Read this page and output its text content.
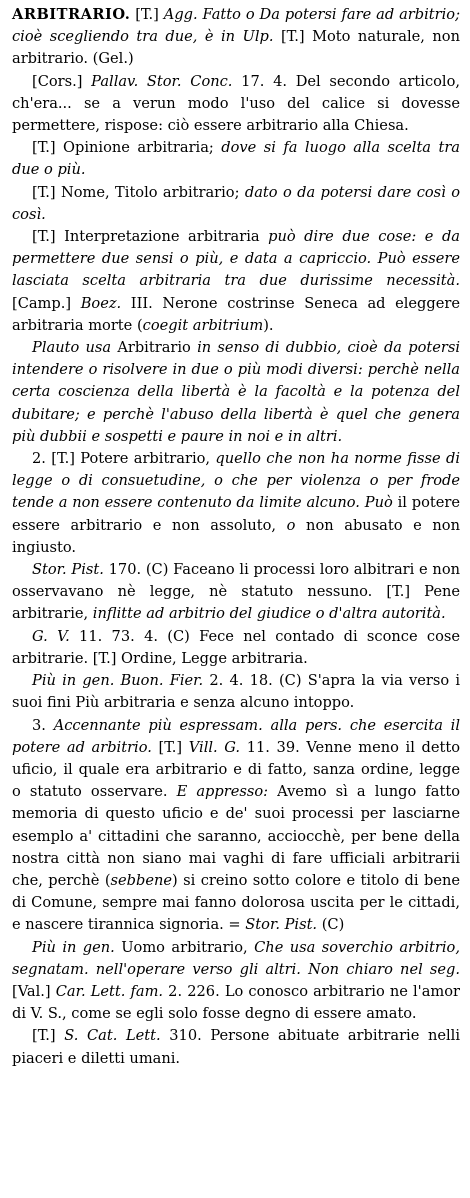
ARBITRARIO. [T.] Agg. Fatto o Da potersi fare ad arbitrio; cioè scegliendo tra due, è in Ulp. [T.] Moto naturale, non arbitrario. (Gel.)

[Cors.] Pallav. Stor. Conc. 17. 4. Del secondo articolo, ch'era... se a verun modo l'uso del calice si dovesse permettere, rispose: ciò essere arbitrario alla Chiesa.

[T.] Opinione arbitraria; dove si fa luogo alla scelta tra due o più.

[T.] Nome, Titolo arbitrario; dato o da potersi dare così o così.

[T.] Interpretazione arbitraria può dire due cose: e da permettere due sensi o più, e data a capriccio. Può essere lasciata scelta arbitraria tra due durissime necessità. [Camp.] Boez. III. Nerone costrinse Seneca ad eleggere arbitraria morte (coegit arbitrium).

Plauto usa Arbitrario in senso di dubbio, cioè da potersi intendere o risolvere in due o più modi diversi: perchè nella certa coscienza della libertà è la facoltà e la potenza del dubitare; e perchè l'abuso della libertà è quel che genera più dubbii e sospetti e paure in noi e in altri.

2. [T.] Potere arbitrario, quello che non ha norme fisse di legge o di consuetudine, o che per violenza o per frode tende a non essere contenuto da limite alcuno. Può il potere essere arbitrario e non assoluto, o non abusato e non ingiusto.

Stor. Pist. 170. (C) Faceano li processi loro albitrari e non osservavano nè legge, nè statuto nessuno. [T.] Pene arbitrarie, inflitte ad arbitrio del giudice o d'altra autorità.

G. V. 11. 73. 4. (C) Fece nel contado di sconce cose arbitrarie. [T.] Ordine, Legge arbitraria.

Più in gen. Buon. Fier. 2. 4. 18. (C) S'apra la via verso i suoi fini Più arbitraria e senza alcuno intoppo.

3. Accennante più espressam. alla pers. che esercita il potere ad arbitrio. [T.] Vill. G. 11. 39. Venne meno il detto uficio, il quale era arbitrario e di fatto, sanza ordine, legge o statuto osservare. E appresso: Avemo sì a lungo fatto memoria di questo uficio e de' suoi processi per lasciarne esemplo a' cittadini che saranno, acciocchè, per bene della nostra città non siano mai vaghi di fare ufficiali arbitrarii che, perchè (sebbene) si creino sotto colore e titolo di bene di Comune, sempre mai fanno dolorosa uscita per le cittadi, e nascere tirannica signoria. = Stor. Pist. (C)

Più in gen. Uomo arbitrario, Che usa soverchio arbitrio, segnatam. nell'operare verso gli altri. Non chiaro nel seg. [Val.] Car. Lett. fam. 2. 226. Lo conosco arbitrario ne l'amor di V. S., come se egli solo fosse degno di essere amato.

[T.] S. Cat. Lett. 310. Persone abituate arbitrarie nelli piaceri e diletti umani.
